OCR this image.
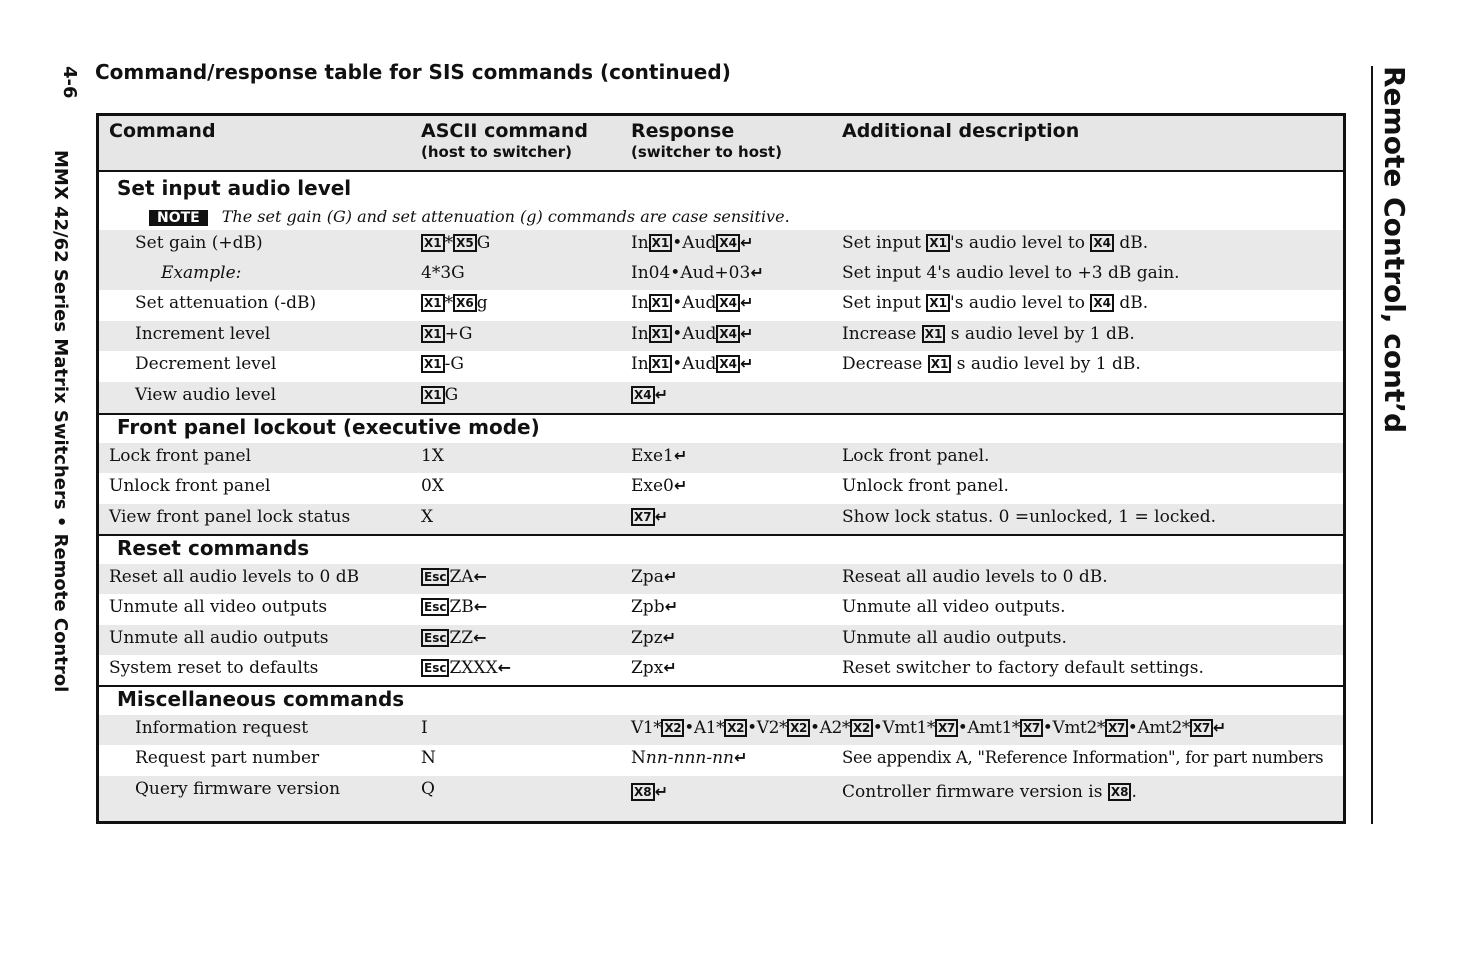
4-6
MMX 42/62 Series Matrix Switchers • Remote Control	Remote Control, cont’d
Command/response table for SIS commands (continued)
Command	ASCII command
(host to switcher)
Response
(switcher to host)
Additional description
Set input audio level
NOTE The set gain (G) and set attenuation (g) commands are case sensitive.
Set gain (+dB)	X1 * X5 G	In X1 •Aud X4 ↵	Set input X1 's audio level to X4 dB.
Example:	4*3G	In04•Aud+03↵	Set input 4's audio level to +3 dB gain.
Set attenuation (-dB)	X1 * X6 g	In X1 •Aud X4 ↵	Set input X1 's audio level to X4 dB.
Increment level	X1 +G	In X1 •Aud X4 ↵	Increase X1 s audio level by 1 dB.
Decrement level	X1 -G	In X1 •Aud X4 ↵	Decrease X1 s audio level by 1 dB.
View audio level	X1 G	X4 ↵
Front panel lockout (executive mode)
Lock front panel	1X	Exe1↵	Lock front panel.
Unlock front panel	0X	Exe0↵	Unlock front panel.
View front panel lock status	X	X7 ↵	Show lock status. 0 =unlocked, 1 = locked.
Reset commands
Reset all audio levels to 0 dB	Esc ZA←	Zpa↵	Reseat all audio levels to 0 dB.
Unmute all video outputs	Esc ZB←	Zpb↵	Unmute all video outputs.
Unmute all audio outputs	Esc ZZ←	Zpz↵	Unmute all audio outputs.
System reset to defaults	Esc ZXXX←	Zpx↵	Reset switcher to factory default settings.
Miscellaneous commands
Information request	I	V1* X2 •A1* X2 •V2* X2 •A2* X2 •Vmt1* X7 •Amt1* X7 •Vmt2* X7 •Amt2* X7 ↵
Request part number	N	Nnn-nnn-nn↵	See appendix A, "Reference Information", for part numbers
Query firmware version	Q	X8 ↵	Controller firmware version is X8 .
